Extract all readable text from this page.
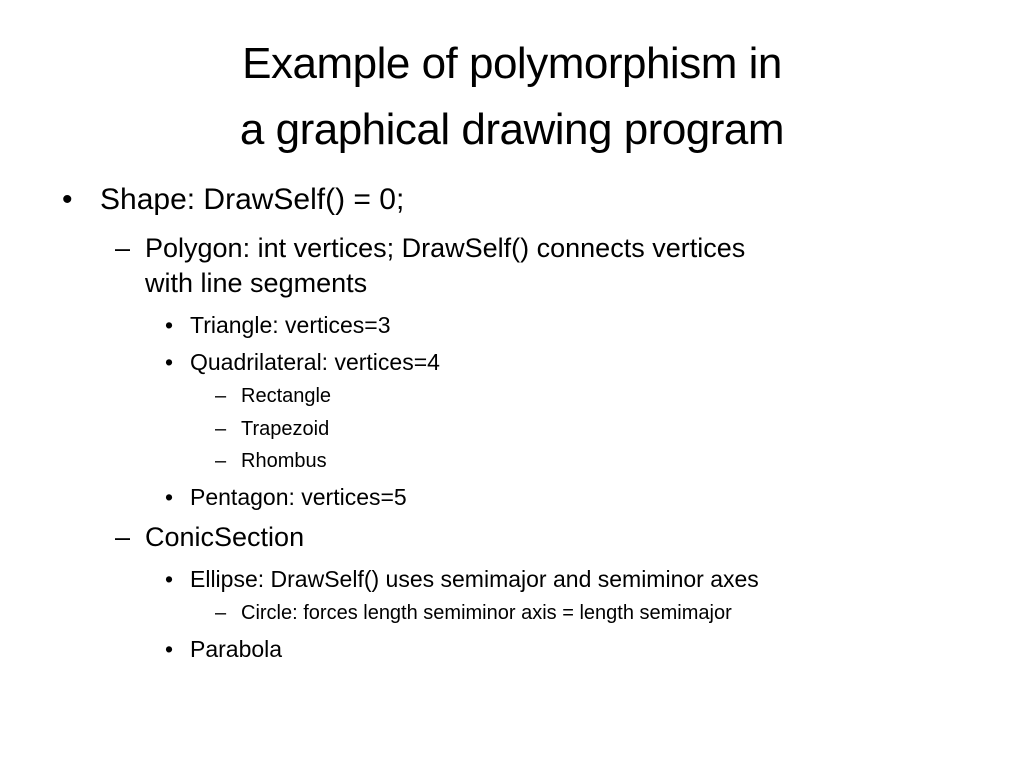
Example of polymorphism in
a graphical drawing program
• Shape: DrawSelf() = 0;
– Polygon: int vertices; DrawSelf() connects vertices
with line segments
• Triangle: vertices=3
• Quadrilateral: vertices=4
– Rectangle
– Trapezoid
– Rhombus
• Pentagon: vertices=5
– ConicSection
• Ellipse: DrawSelf() uses semimajor and semiminor axes
– Circle: forces length semiminor axis = length semimajor
• Parabola
